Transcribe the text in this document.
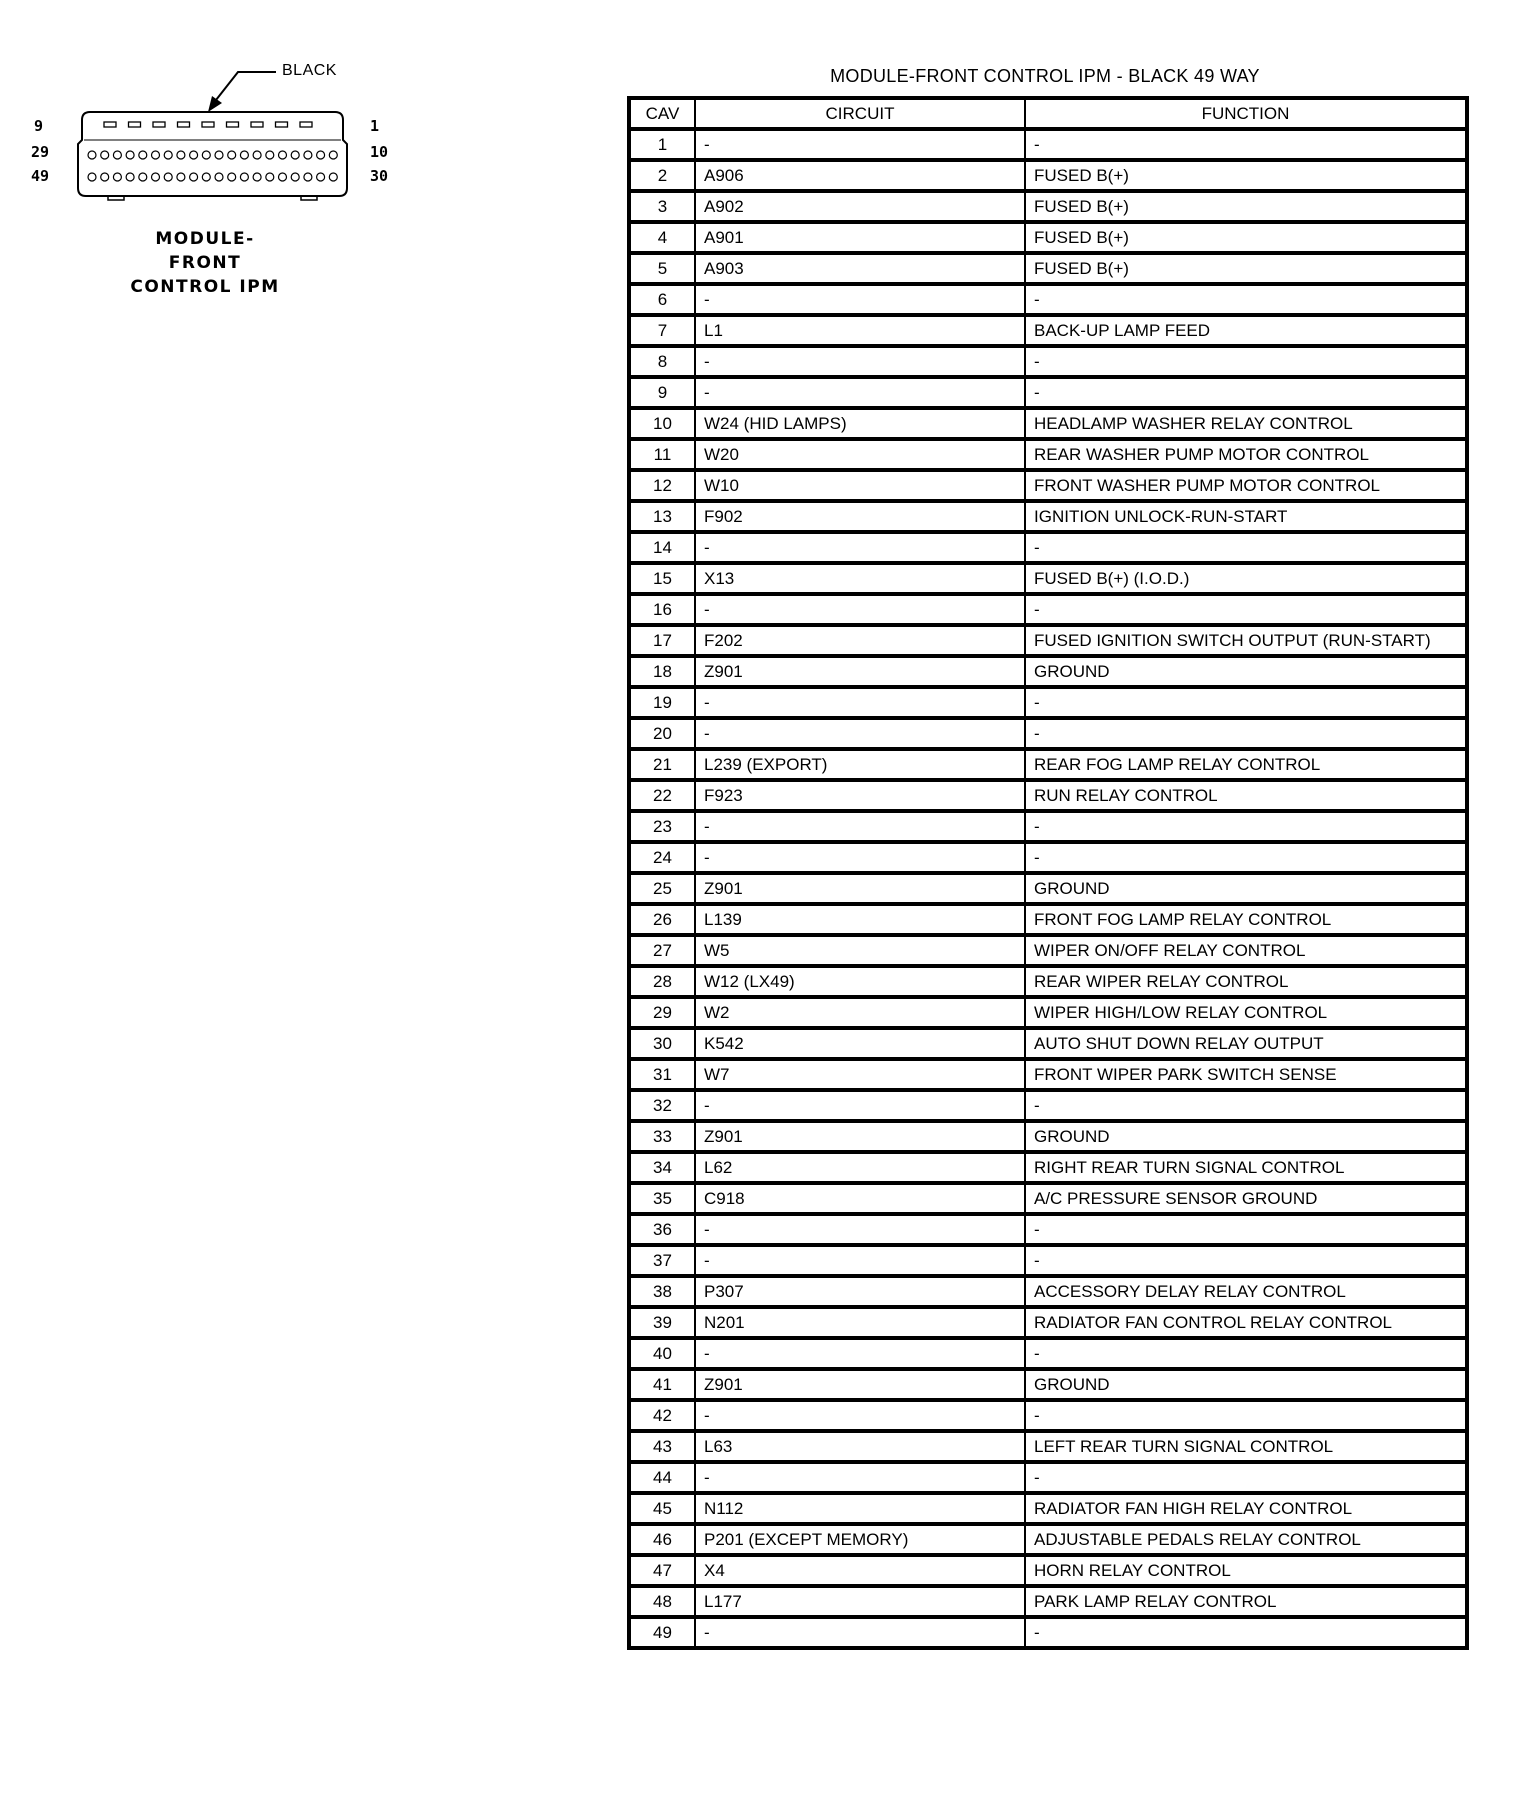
BLACK
9
29
49
1
10
30
MODULE-
FRONT
CONTROL IPM
MODULE-FRONT CONTROL IPM - BLACK 49 WAY
CAV	CIRCUIT	FUNCTION
1	-	-
2	A906	FUSED B(+)
3	A902	FUSED B(+)
4	A901	FUSED B(+)
5	A903	FUSED B(+)
6	-	-
7	L1	BACK-UP LAMP FEED
8	-	-
9	-	-
10	W24 (HID LAMPS)	HEADLAMP WASHER RELAY CONTROL
11	W20	REAR WASHER PUMP MOTOR CONTROL
12	W10	FRONT WASHER PUMP MOTOR CONTROL
13	F902	IGNITION UNLOCK-RUN-START
14	-	-
15	X13	FUSED B(+) (I.O.D.)
16	-	-
17	F202	FUSED IGNITION SWITCH OUTPUT (RUN-START)
18	Z901	GROUND
19	-	-
20	-	-
21	L239 (EXPORT)	REAR FOG LAMP RELAY CONTROL
22	F923	RUN RELAY CONTROL
23	-	-
24	-	-
25	Z901	GROUND
26	L139	FRONT FOG LAMP RELAY CONTROL
27	W5	WIPER ON/OFF RELAY CONTROL
28	W12 (LX49)	REAR WIPER RELAY CONTROL
29	W2	WIPER HIGH/LOW RELAY CONTROL
30	K542	AUTO SHUT DOWN RELAY OUTPUT
31	W7	FRONT WIPER PARK SWITCH SENSE
32	-	-
33	Z901	GROUND
34	L62	RIGHT REAR TURN SIGNAL CONTROL
35	C918	A/C PRESSURE SENSOR GROUND
36	-	-
37	-	-
38	P307	ACCESSORY DELAY RELAY CONTROL
39	N201	RADIATOR FAN CONTROL RELAY CONTROL
40	-	-
41	Z901	GROUND
42	-	-
43	L63	LEFT REAR TURN SIGNAL CONTROL
44	-	-
45	N112	RADIATOR FAN HIGH RELAY CONTROL
46	P201 (EXCEPT MEMORY)	ADJUSTABLE PEDALS RELAY CONTROL
47	X4	HORN RELAY CONTROL
48	L177	PARK LAMP RELAY CONTROL
49	-	-
